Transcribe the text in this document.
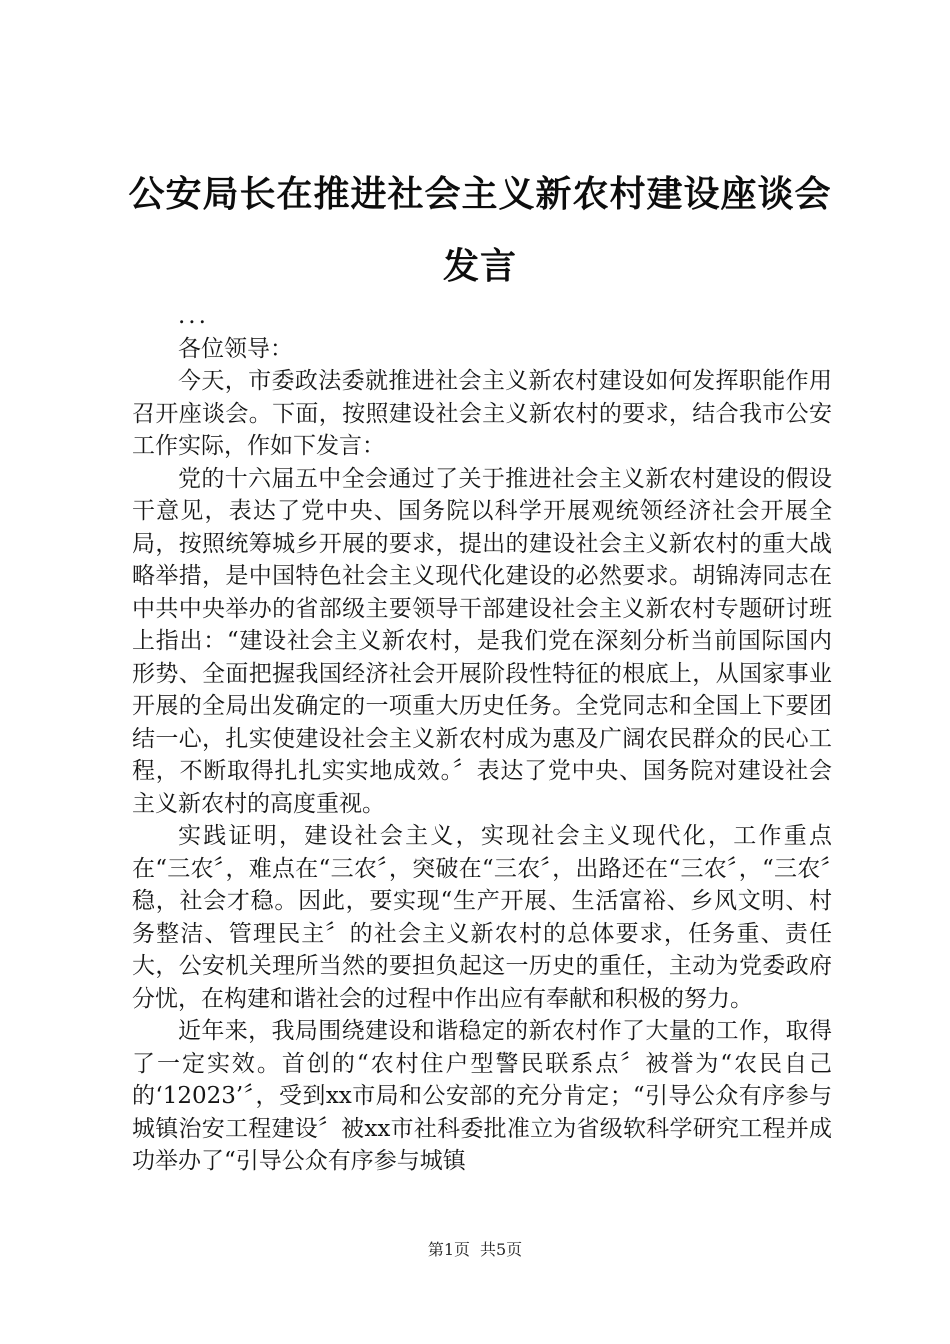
公安局长在推进社会主义新农村建设座谈会发言

...

各位领导：

今天，市委政法委就推进社会主义新农村建设如何发挥职能作用召开座谈会。下面，按照建设社会主义新农村的要求，结合我市公安工作实际，作如下发言：

党的十六届五中全会通过了关于推进社会主义新农村建设的假设干意见，表达了党中央、国务院以科学开展观统领经济社会开展全局，按照统筹城乡开展的要求，提出的建设社会主义新农村的重大战略举措，是中国特色社会主义现代化建设的必然要求。胡锦涛同志在中共中央举办的省部级主要领导干部建设社会主义新农村专题研讨班上指出：“建设社会主义新农村，是我们党在深刻分析当前国际国内形势、全面把握我国经济社会开展阶段性特征的根底上，从国家事业开展的全局出发确定的一项重大历史任务。全党同志和全国上下要团结一心，扎实使建设社会主义新农村成为惠及广阔农民群众的民心工程，不断取得扎扎实实地成效。〞表达了党中央、国务院对建设社会主义新农村的高度重视。

实践证明，建设社会主义，实现社会主义现代化，工作重点在“三农〞，难点在“三农〞，突破在“三农〞，出路还在“三农〞，“三农〞稳，社会才稳。因此，要实现“生产开展、生活富裕、乡风文明、村务整洁、管理民主〞的社会主义新农村的总体要求，任务重、责任大，公安机关理所当然的要担负起这一历史的重任，主动为党委政府分忧，在构建和谐社会的过程中作出应有奉献和积极的努力。

近年来，我局围绕建设和谐稳定的新农村作了大量的工作，取得了一定实效。首创的“农村住户型警民联系点〞被誉为“农民自己的‘12023’〞，受到xx市局和公安部的充分肯定；“引导公众有序参与城镇治安工程建设〞被xx市社科委批准立为省级软科学研究工程并成功举办了“引导公众有序参与城镇

第1页 共5页
